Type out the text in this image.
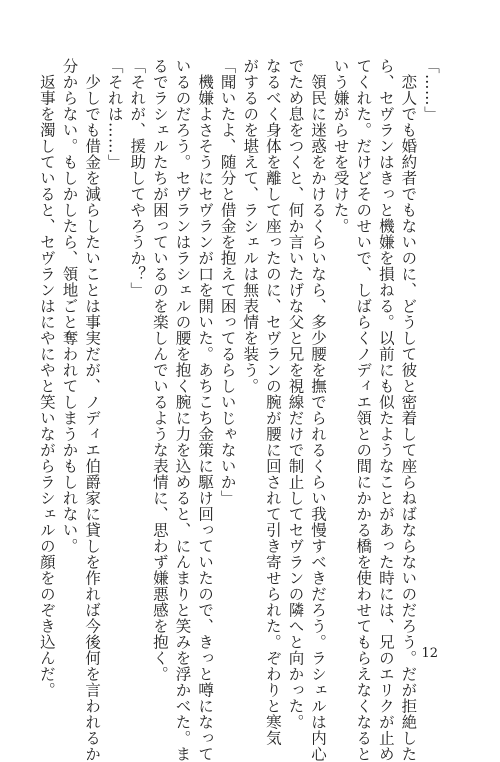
「……」

　恋人でも婚約者でもないのに、どうして彼と密着して座らねばならないのだろう。だが拒絶した

ら、セヴランはきっと機嫌を損ねる。以前にも似たようなことがあった時には、兄のエリクが止め

てくれた。だけどそのせいで、しばらくノディエ領との間にかかる橋を使わせてもらえなくなると

いう嫌がらせを受けた。

　領民に迷惑をかけるくらいなら、多少腰を撫でられるくらい我慢すべきだろう。ラシェルは内心

でため息をつくと、何か言いたげな父と兄を視線だけで制止してセヴランの隣へと向かった。

なるべく身体を離して座ったのに、セヴランの腕が腰に回されて引き寄せられた。ぞわりと寒気

がするのを堪えて、ラシェルは無表情を装う。

「聞いたよ、随分と借金を抱えて困ってるらしいじゃないか」

　機嫌よさそうにセヴランが口を開いた。あちこち金策に駆け回っていたので、きっと噂になって

いるのだろう。セヴランはラシェルの腰を抱く腕に力を込めると、にんまりと笑みを浮かべた。ま

るでラシェルたちが困っているのを楽しんでいるような表情に、思わず嫌悪感を抱く。

「それが、援助してやろうか？」

「それは……」

　少しでも借金を減らしたいことは事実だが、ノディエ伯爵家に貸しを作れば今後何を言われるか

分からない。もしかしたら、領地ごと奪われてしまうかもしれない。

　返事を濁していると、セヴランはにやにやと笑いながらラシェルの顔をのぞき込んだ。	12
